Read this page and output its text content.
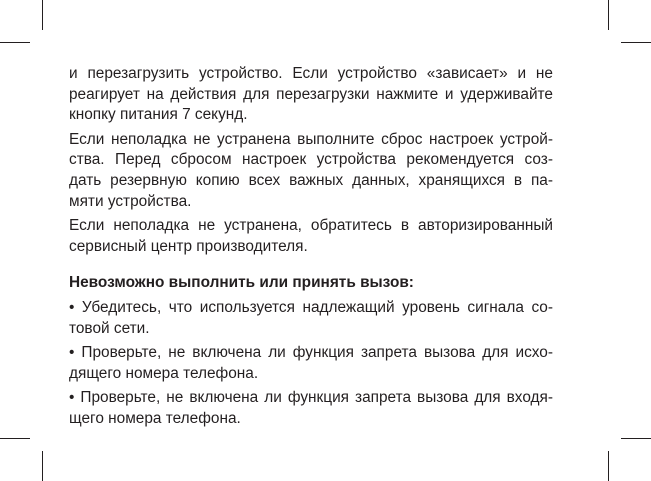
и перезагрузить устройство. Если устройство «зависает» и не
реагирует на действия для перезагрузки нажмите и удерживайте
кнопку питания 7 секунд.

Если неполадка не устранена выполните сброс настроек устрой-
ства. Перед сбросом настроек устройства рекомендуется соз-
дать резервную копию всех важных данных, хранящихся в па-
мяти устройства.

Если неполадка не устранена, обратитесь в авторизированный
сервисный центр производителя.

Невозможно выполнить или принять вызов:

• Убедитесь, что используется надлежащий уровень сигнала со-
товой сети.

• Проверьте, не включена ли функция запрета вызова для исхо-
дящего номера телефона.

• Проверьте, не включена ли функция запрета вызова для входя-
щего номера телефона.
